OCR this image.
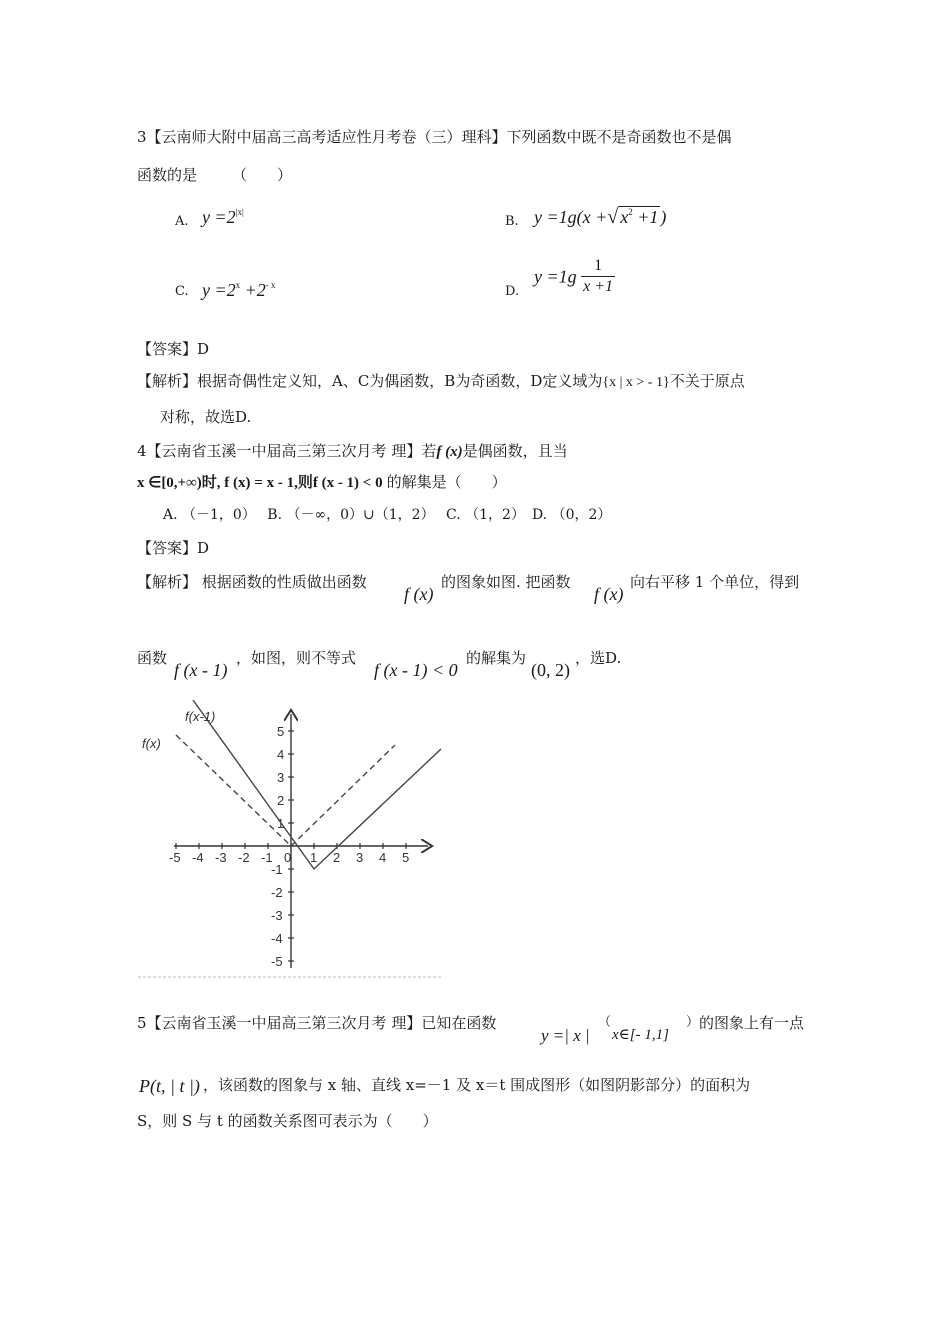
3【云南师大附中届高三高考适应性月考卷（三）理科】下列函数中既不是奇函数也不是偶
函数的是 （　　）
A. $y =2^{|x|}$
B. y =1g(x +√ $x^2 +1$ )
C. $y =2^x +2^{- x}$	D.
$y =1g \frac{1}{x +1}$
【答案】D
【解析】根据奇偶性定义知，A、C为偶函数，B为奇函数，D定义域为{x | x > - 1}不关于原点
对称，故选D.
4【云南省玉溪一中届高三第三次月考 理】若f (x)是偶函数，且当
x ∈[0,+∞)时, f (x) = x - 1,则f (x - 1) < 0 的解集是（　　）
A. （－1，0）　 B. （－∞，0）∪（1，2）　 C. （1，2）　D. （0，2）
【答案】D
【解析】 根据函数的性质做出函数
f (x)
的图象如图. 把函数
f (x)
向右平移 1 个单位，得到
函数
f (x - 1)
，如图，则不等式
f (x - 1) < 0
的解集为
(0, 2)
，选D.
-5 -4 -3 -2 -1 0 1 2 3 4 5
5
4
3
2
1
-1
-2
-3
-4
-5
f(x-1)
f(x)
5【云南省玉溪一中届高三第三次月考 理】已知在函数
y =| x |
（
x∈[- 1,1]
） 的图象上有一点
P(t, | t |) ，该函数的图象与 x 轴、直线 x=－1 及 x＝t 围成图形（如图阴影部分）的面积为
S，则 S 与 t 的函数关系图可表示为（　　）
